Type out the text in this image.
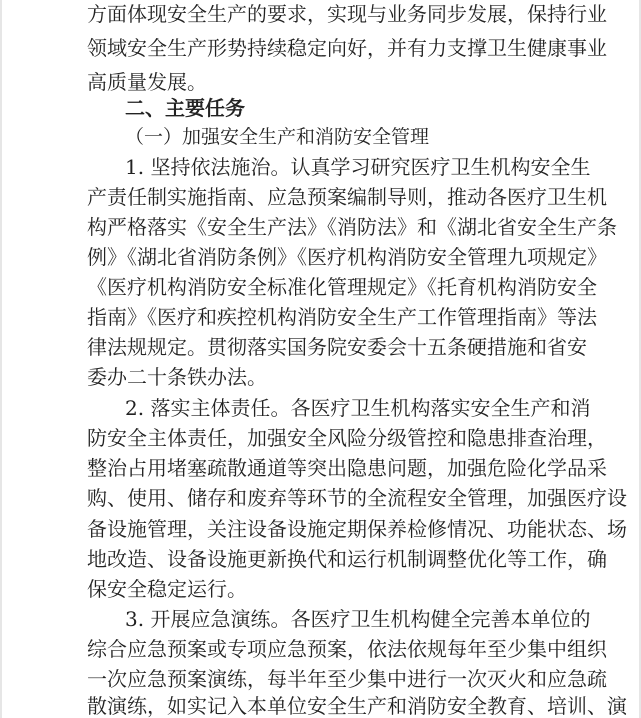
方面体现安全生产的要求，实现与业务同步发展，保持行业
领域安全生产形势持续稳定向好，并有力支撑卫生健康事业
高质量发展。
二、主要任务
（一）加强安全生产和消防安全管理
1. 坚持依法施治。认真学习研究医疗卫生机构安全生
产责任制实施指南、应急预案编制导则，推动各医疗卫生机
构严格落实《安全生产法》《消防法》和《湖北省安全生产条
例》《湖北省消防条例》《医疗机构消防安全管理九项规定》
《医疗机构消防安全标准化管理规定》《托育机构消防安全
指南》《医疗和疾控机构消防安全生产工作管理指南》等法
律法规规定。贯彻落实国务院安委会十五条硬措施和省安
委办二十条铁办法。
2. 落实主体责任。各医疗卫生机构落实安全生产和消
防安全主体责任，加强安全风险分级管控和隐患排查治理，
整治占用堵塞疏散通道等突出隐患问题，加强危险化学品采
购、使用、储存和废弃等环节的全流程安全管理，加强医疗设
备设施管理，关注设备设施定期保养检修情况、功能状态、场
地改造、设备设施更新换代和运行机制调整优化等工作，确
保安全稳定运行。
3. 开展应急演练。各医疗卫生机构健全完善本单位的
综合应急预案或专项应急预案，依法依规每年至少集中组织
一次应急预案演练，每半年至少集中进行一次灭火和应急疏
散演练，如实记入本单位安全生产和消防安全教育、培训、演
